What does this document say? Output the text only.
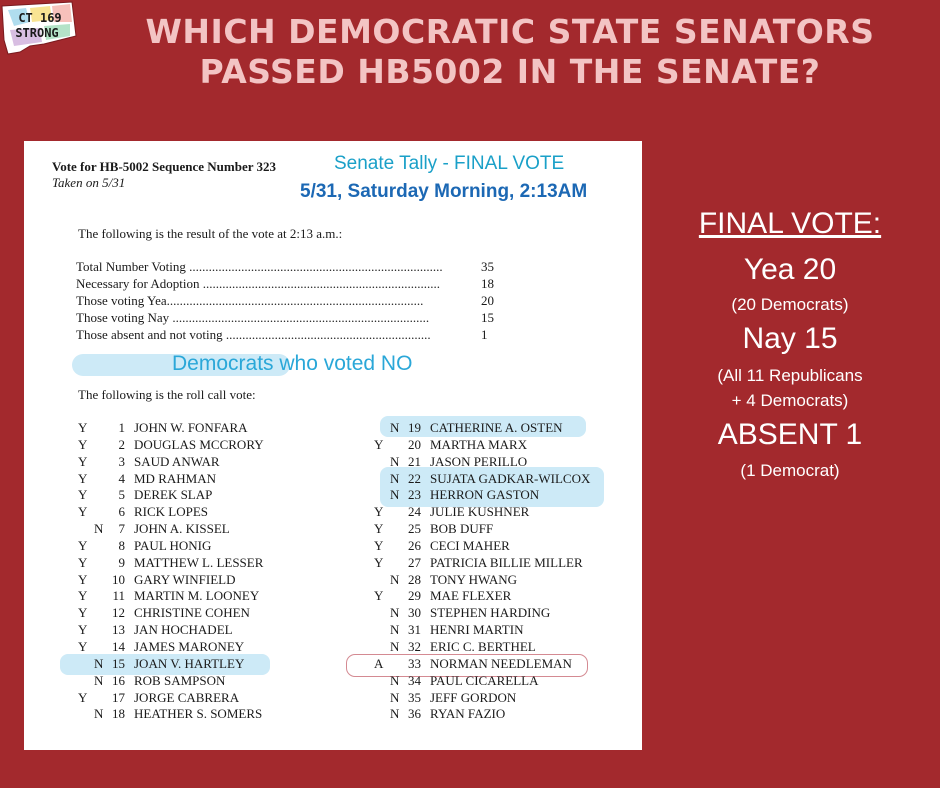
CT 169
STRONG	WHICH DEMOCRATIC STATE SENATORS
PASSED HB5002 IN THE SENATE?
Vote for HB-5002 Sequence Number 323
Taken on 5/31
Senate Tally - FINAL VOTE
5/31, Saturday Morning, 2:13AM
The following is the result of the vote at 2:13 a.m.:
Total Number Voting ..............................................................................	35
Necessary for Adoption .........................................................................	18
Those voting Yea...............................................................................	20
Those voting Nay ...............................................................................	15
Those absent and not voting ...............................................................	1
Democrats who voted NO
The following is the roll call vote:
Y	1 JOHN W. FONFARA
Y	2 DOUGLAS MCCRORY
Y	3 SAUD ANWAR
Y	4 MD RAHMAN
Y	5 DEREK SLAP
Y	6 RICK LOPES
N	7 JOHN A. KISSEL
Y	8 PAUL HONIG
Y	9 MATTHEW L. LESSER
Y	10 GARY WINFIELD
Y	11 MARTIN M. LOONEY
Y	12 CHRISTINE COHEN
Y	13 JAN HOCHADEL
Y	14 JAMES MARONEY
N 15 JOAN V. HARTLEY
N 16 ROB SAMPSON
Y	17 JORGE CABRERA
N 18 HEATHER S. SOMERS
N 19 CATHERINE A. OSTEN
Y	20 MARTHA MARX
N 21 JASON PERILLO
N 22 SUJATA GADKAR-WILCOX
N 23 HERRON GASTON
Y	24 JULIE KUSHNER
Y	25 BOB DUFF
Y	26 CECI MAHER
Y	27 PATRICIA BILLIE MILLER
N 28 TONY HWANG
Y	29 MAE FLEXER
N 30 STEPHEN HARDING
N 31 HENRI MARTIN
N 32 ERIC C. BERTHEL
A	33 NORMAN NEEDLEMAN
N 34 PAUL CICARELLA
N 35 JEFF GORDON
N 36 RYAN FAZIO
FINAL VOTE:
Yea 20
(20 Democrats)
Nay 15
(All 11 Republicans
+ 4 Democrats)
ABSENT 1
(1 Democrat)
